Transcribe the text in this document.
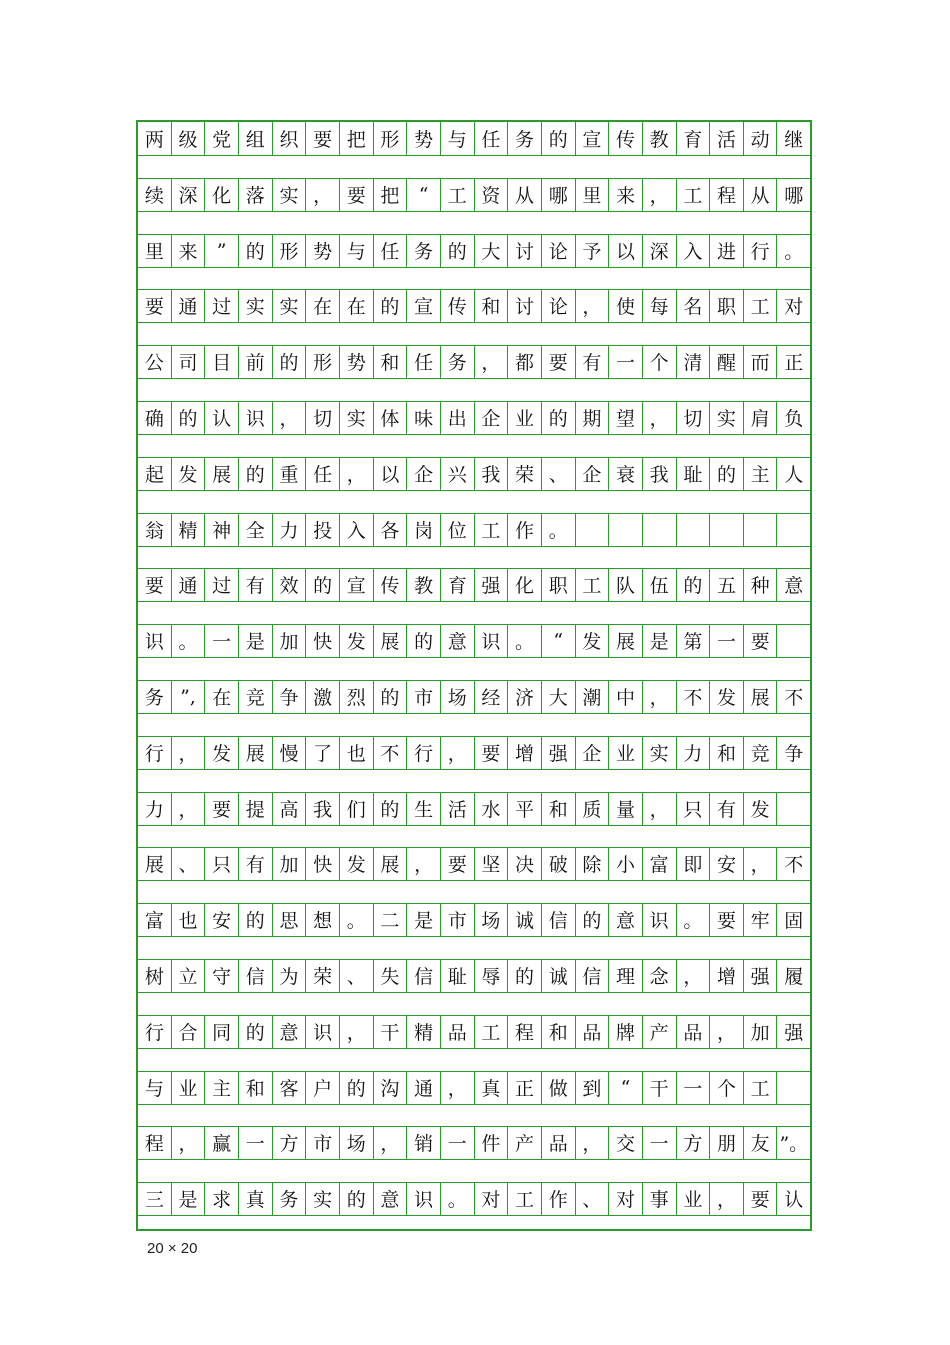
两 级 党 组 织 要 把 形 势 与 任 务 的 宣 传 教 育 活 动 继
续 深 化 落 实 ， 要 把	“	工 资 从 哪 里 来 ， 工 程 从 哪
里 来	”	的 形 势 与 任 务 的 大 讨 论 予 以 深 入 进 行 。
要 通 过 实 实 在 在 的 宣 传 和 讨 论 ， 使 每 名 职 工 对
公 司 目 前 的 形 势 和 任 务 ， 都 要 有 一 个 清 醒 而 正
确 的 认 识 ， 切 实 体 味 出 企 业 的 期 望 ， 切 实 肩 负
起 发 展 的 重 任 ， 以 企 兴 我 荣 、 企 衰 我 耻 的 主 人
翁 精 神 全 力 投 入 各 岗 位 工 作 。
要 通 过 有 效 的 宣 传 教 育 强 化 职 工 队 伍 的 五 种 意
识 。 一 是 加 快 发 展 的 意 识 。	“	发 展 是 第 一 要
务 ”, 在 竞 争 激 烈 的 市 场 经 济 大 潮 中 ， 不 发 展 不
行 ， 发 展 慢 了 也 不 行 ， 要 增 强 企 业 实 力 和 竞 争
力 ， 要 提 高 我 们 的 生 活 水 平 和 质 量 ， 只 有 发
展 、 只 有 加 快 发 展 ， 要 坚 决 破 除 小 富 即 安 ， 不
富 也 安 的 思 想 。 二 是 市 场 诚 信 的 意 识 。 要 牢 固
树 立 守 信 为 荣 、 失 信 耻 辱 的 诚 信 理 念 ， 增 强 履
行 合 同 的 意 识 ， 干 精 品 工 程 和 品 牌 产 品 ， 加 强
与 业 主 和 客 户 的 沟 通 ， 真 正 做 到	“	干 一 个 工
程 ， 赢 一 方 市 场 ， 销 一 件 产 品 ， 交 一 方 朋 友 ”。
三 是 求 真 务 实 的 意 识 。 对 工 作 、 对 事 业 ， 要 认
20 × 20
